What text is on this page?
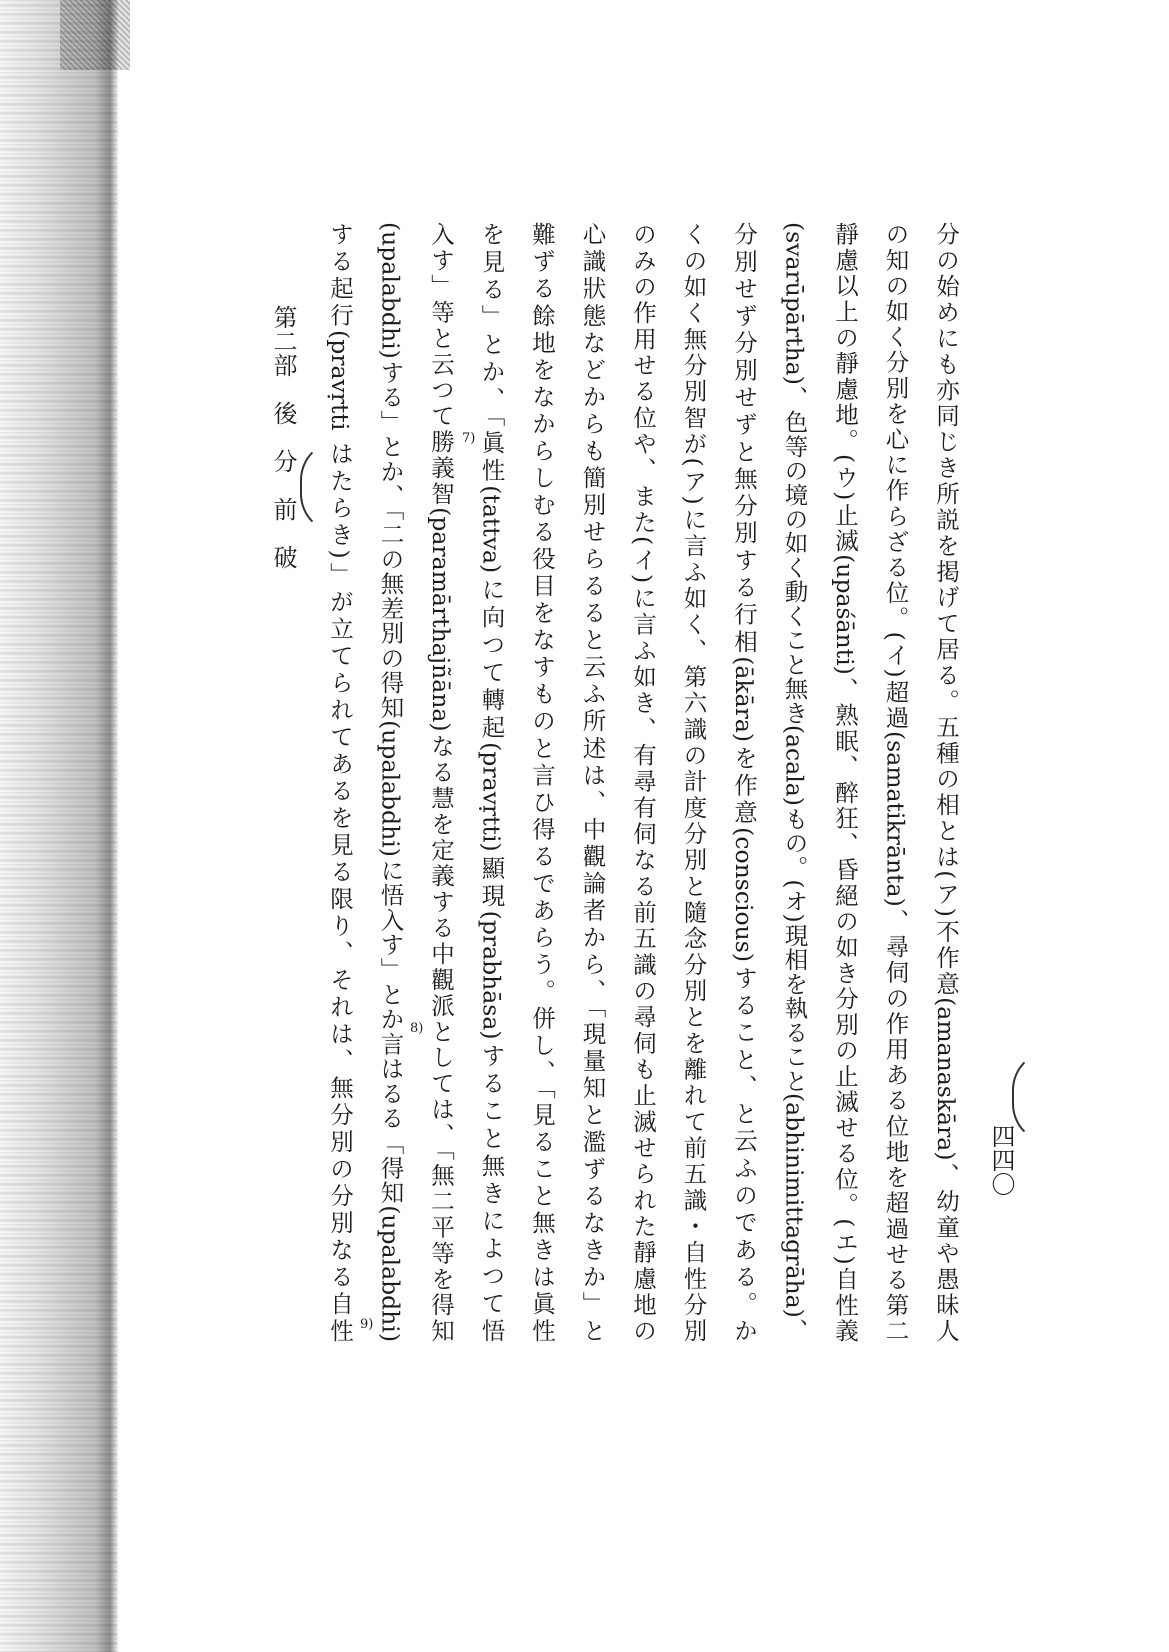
第二部　後　分　前　破
四四〇
分の始めにも亦同じき所説を掲げて居る。五種の相とは(ア)不作意(amanaskāra)、幼童や愚昧人
の知の如く分別を心に作らざる位。(イ)超過(samatikrānta)、尋伺の作用ある位地を超過せる第二
靜慮以上の靜慮地。(ウ)止滅(upaśānti)、熟眠、醉狂、昏絕の如き分別の止滅せる位。(エ)自性義
(svarūpārtha)、色等の境の如く動くこと無き(acala)もの。(オ)現相を執ること(abhinimittagrāha)、
分別せず分別せずと無分別する行相(ākāra)を作意(conscious)すること、と云ふのである。か
くの如く無分別智が(ア)に言ふ如く、第六識の計度分別と隨念分別とを離れて前五識・自性分別
のみの作用せる位や、また(イ)に言ふ如き、有尋有伺なる前五識の尋伺も止滅せられた靜慮地の
心識狀態などからも簡別せらるると云ふ所述は、中觀論者から、「現量知と濫ずるなきか」と
難ずる餘地をなからしむる役目をなすものと言ひ得るであらう。併し、「見ること無きは眞性
を見る」とか、「眞性(tattva)に向つて轉起(pravṛtti)顯現(prabhāsa)すること無きによつて悟
入す」等と云つて勝義智(paramārthajñāna)なる慧を定義する中觀派としては、「無二平等を得知
(upalabdhi)する」とか、「二の無差別の得知(upalabdhi)に悟入す」とか言はるる「得知(upalabdhi)
する起行(pravṛtti はたらき)」が立てられてあるを見る限り、それは、無分別の分別なる自性	7)
8)
9)
